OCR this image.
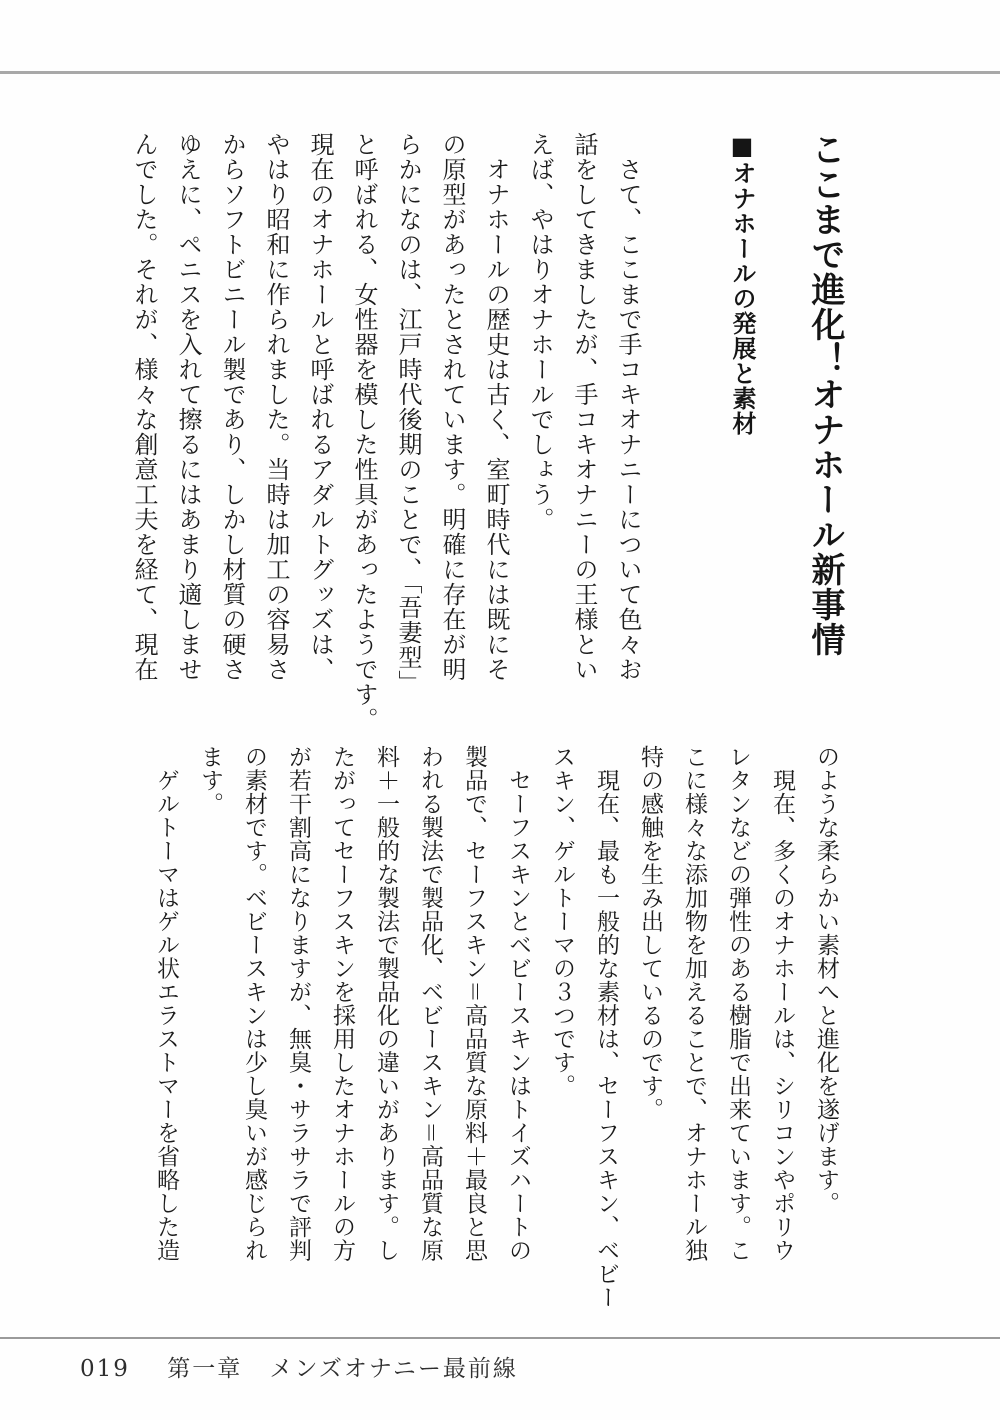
ここまで進化！オナホール新事情
■オナホールの発展と素材
　さて、ここまで手コキオナニーについて色々お
話をしてきましたが、手コキオナニーの王様とい
えば、やはりオナホールでしょう。
　オナホールの歴史は古く、室町時代には既にそ
の原型があったとされています。明確に存在が明
らかになのは、江戸時代後期のことで、「吾妻型」
と呼ばれる、女性器を模した性具があったようです。
現在のオナホールと呼ばれるアダルトグッズは、
やはり昭和に作られました。当時は加工の容易さ
からソフトビニール製であり、しかし材質の硬さ
ゆえに、ペニスを入れて擦るにはあまり適しませ
んでした。それが、様々な創意工夫を経て、現在
のような柔らかい素材へと進化を遂げます。
　現在、多くのオナホールは、シリコンやポリウ
レタンなどの弾性のある樹脂で出来ています。こ
こに様々な添加物を加えることで、オナホール独
特の感触を生み出しているのです。
　現在、最も一般的な素材は、セーフスキン、ベビー
スキン、ゲルトーマの３つです。
　セーフスキンとベビースキンはトイズハートの
製品で、セーフスキン＝高品質な原料＋最良と思
われる製法で製品化、ベビースキン＝高品質な原
料＋一般的な製法で製品化の違いがあります。し
たがってセーフスキンを採用したオナホールの方
が若干割高になりますが、無臭・サラサラで評判
の素材です。ベビースキンは少し臭いが感じられ
ます。
　ゲルトーマはゲル状エラストマーを省略した造
019 第一章 メンズオナニー最前線
